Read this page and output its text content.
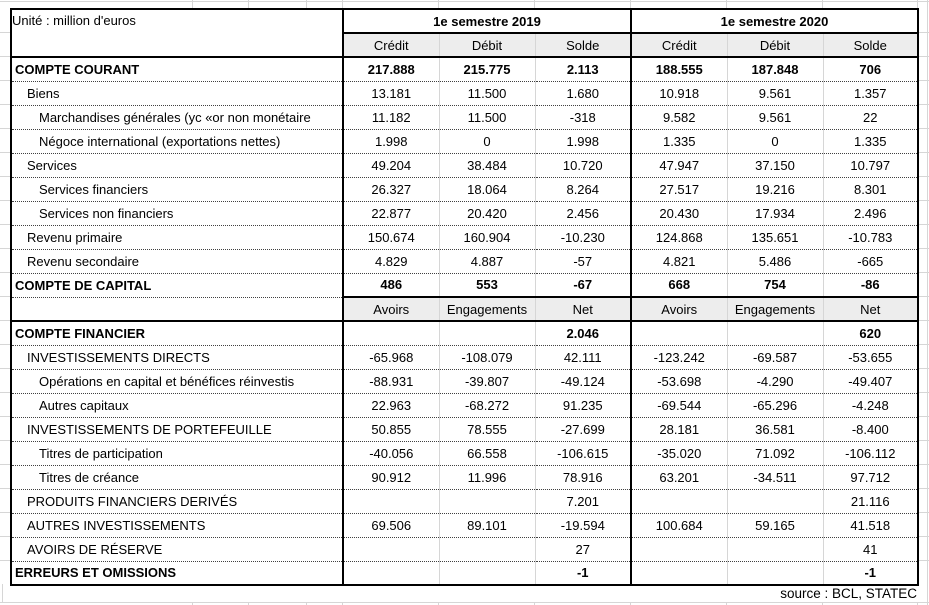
Unité : million d'euros	1e semestre 2019			1e semestre 2020		
	Crédit	Débit	Solde	Crédit	Débit	Solde
COMPTE COURANT	217.888	215.775	2.113	188.555	187.848	706
Biens	13.181	11.500	1.680	10.918	9.561	1.357
Marchandises générales (yc «or non monétaire	11.182	11.500	-318	9.582	9.561	22
Négoce international (exportations nettes)	1.998	0	1.998	1.335	0	1.335
Services	49.204	38.484	10.720	47.947	37.150	10.797
Services financiers	26.327	18.064	8.264	27.517	19.216	8.301
Services non financiers	22.877	20.420	2.456	20.430	17.934	2.496
Revenu primaire	150.674	160.904	-10.230	124.868	135.651	-10.783
Revenu secondaire	4.829	4.887	-57	4.821	5.486	-665
COMPTE DE CAPITAL	486	553	-67	668	754	-86
	Avoirs	Engagements	Net	Avoirs	Engagements	Net
COMPTE FINANCIER			2.046			620
INVESTISSEMENTS DIRECTS	-65.968	-108.079	42.111	-123.242	-69.587	-53.655
Opérations en capital et bénéfices réinvestis	-88.931	-39.807	-49.124	-53.698	-4.290	-49.407
Autres capitaux	22.963	-68.272	91.235	-69.544	-65.296	-4.248
INVESTISSEMENTS DE PORTEFEUILLE	50.855	78.555	-27.699	28.181	36.581	-8.400
Titres de participation	-40.056	66.558	-106.615	-35.020	71.092	-106.112
Titres de créance	90.912	11.996	78.916	63.201	-34.511	97.712
PRODUITS FINANCIERS DERIVÉS			7.201			21.116
AUTRES INVESTISSEMENTS	69.506	89.101	-19.594	100.684	59.165	41.518
AVOIRS DE RÉSERVE			27			41
ERREURS ET OMISSIONS			-1			-1
source : BCL, STATEC
